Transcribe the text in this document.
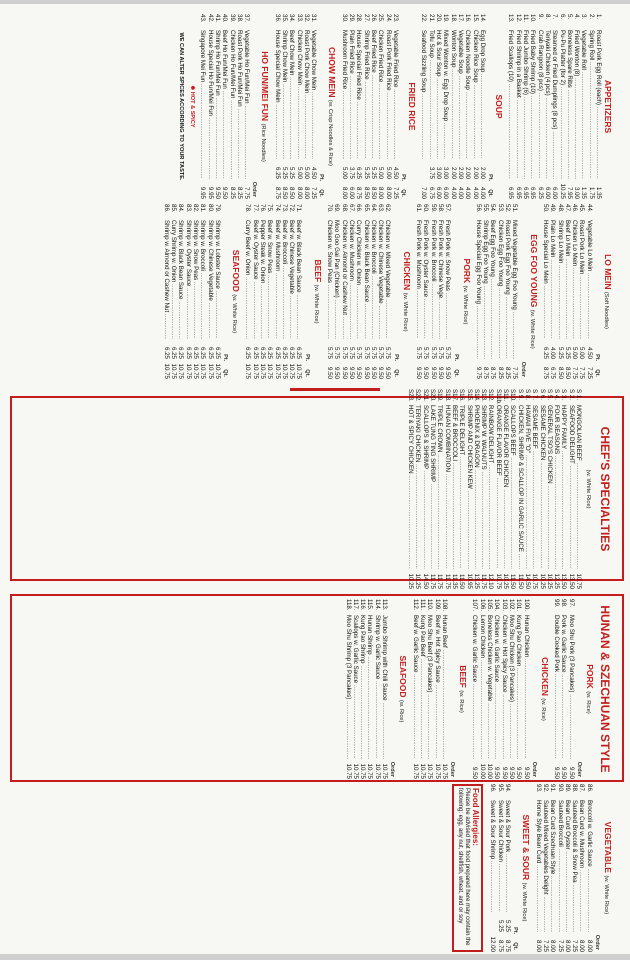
APPETIZERS
1.
Roast Pork Egg Roll (each) .....
1.35
2.
Spring Roll .....
1.75
3.
Vegetable Roll .....
1.35
4.
Fried Wonton (8) .....
3.00
5.
Boneless Spare Ribs .....
7.95
6.
Pu-Pu Platter (for 2) .....
10.25
7.
Steamed or Fried Dumplings (8 pcs) .....
6.00
8.
Teriyaki Chicken (4 pcs) .....
6.00
9.
Crab Rangoon (8 pcs) .....
6.25
10.
Fried Baby Shrimp (10) .....
6.95
11.
Fried Jumbo Shrimp (6) .....
6.95
12.
Fried Shrimp in a Basket .....
6.95
13.
Fried Scallops (10) .....
6.95
SOUP
Pt.
Qt.
14.
Egg Drop Soup .....
2.00
4.00
15.
Chicken Rice Soup .....
2.00
4.00
16.
Chicken Noodle Soup .....
2.00
4.00
17.
Vegetable Soup .....
2.00
4.00
18.
Wonton Soup .....
2.00
4.00
19.
Mixed Wonton w. Egg Drop Soup .....
3.00
6.00
20.
Hot & Sour Soup .....
3.00
6.00
21.
Tofu Soup .....
3.75
6.75
22.
Seafood Sizzling Soup .....
7.00
FRIED RICE
Pt.
Qt.
23.
Vegetable Fried Rice .....
4.50
7.25
24.
Roast Pork Fried Rice .....
5.00
8.00
25.
Chicken Fried Rice .....
5.00
8.00
26.
Beef Fried Rice .....
5.25
8.50
27.
Shrimp Fried Rice .....
5.25
8.50
28.
House Special Fried Rice .....
6.25
8.75
29.
Plain Fried Rice .....
3.75
6.00
30.
Mushroom Fried Rice .....
5.00
8.00
CHOW MEIN (w. Crisp Noodles & Rice)
Pt.
Qt.
31.
Vegetable Chow Mein .....
4.50
7.25
32.
Roast Pork Chow Mein .....
5.00
8.00
33.
Chicken Chow Mein .....
5.00
8.00
34.
Beef Chow Mein .....
5.25
8.50
35.
Shrimp Chow Mein .....
5.25
8.50
36.
House Special Chow Mein .....
6.25
8.75
HO FUN/MEI FUN (Rice Noodles)
Order
37.
Vegetable Ho Fun/Mei Fun .....
7.75
38.
Roast Pork Ho Fun/Mei Fun .....
8.25
39.
Chicken Ho Fun/Mei Fun .....
8.25
40.
Beef Ho Fun/Mei Fun .....
9.50
41.
Shrimp Ho Fun/Mei Fun .....
9.50
42.
House Special Ho Fun/Mei Fun .....
9.95
43.
Singapore Mei Fun .....
9.95
✽ HOT & SPICY
WE CAN ALTER SPICES ACCORDING TO YOUR TASTE.
LO MEIN (Soft Noodles)
Pt.
Qt.
44.
Vegetable Lo Mein .....
4.50
7.25
45.
Roast Pork Lo Mein .....
5.00
7.75
46.
Chicken Lo Mein .....
5.00
7.75
47.
Beef Lo Mein .....
5.25
8.50
48.
Shrimp Lo Mein .....
5.25
8.50
49.
Plain Lo Mein .....
4.00
6.75
50.
House Special Lo Mein .....
6.25
8.75
EGG FOO YOUNG (w. White Rice)
Order
51.
Mixed Vegetable Egg Foo Young .....
7.75
52.
Roast Pork Egg Foo Young .....
8.25
53.
Chicken Egg Foo Young .....
8.25
54.
Beef Egg Foo Young .....
8.75
55.
Shrimp Egg Foo Young .....
8.75
56.
House Special Egg Foo Young .....
9.75
PORK (w. White Rice)
Pt.
Qt.
57.
Fresh Pork w. Snow Peas .....
5.75
9.50
58.
Fresh Pork w. Chinese Vege. .....
5.75
9.50
59.
Fresh Pork w. Broccoli .....
5.75
9.50
60.
Fresh Pork w. Oyster Sauce .....
5.75
9.50
61.
Fresh Pork w. Mushroom .....
5.75
9.50
CHICKEN (w. White Rice)
Pt.
Qt.
62.
Chicken w. Mixed Vegetable .....
5.75
9.50
63.
Chicken w. Chinese Vegetable .....
5.75
9.50
64.
Chicken w. Broccoli .....
5.75
9.50
65.
Chicken w. Black Bean Sauce .....
5.75
9.50
66.
Curry Chicken w. Onion .....
5.75
9.50
67.
Chicken w. Mushroom .....
5.75
9.50
68.
Chicken w. Almond or Cashew Nut .....
5.75
9.50
69.
Moo Goo Gai Pan (Chicken) .....
5.75
9.50
70.
Chicken w. Snow Peas .....
5.75
9.50
BEEF (w. White Rice)
Pt.
Qt.
71.
Beef w. Black Bean Sauce .....
6.25
10.75
72.
Beef w. Chinese Vegetable .....
6.25
10.75
73.
Beef w. Broccoli .....
6.25
10.75
74.
Beef w. Mushroom .....
6.25
10.75
75.
Beef w. Snow Peas .....
6.25
10.75
76.
Pepper Steak w. Onion .....
6.25
10.75
77.
Beef w. Oyster Sauce .....
6.25
10.75
78.
Curry Beef w. Onion .....
6.25
10.75
SEAFOOD (w. White Rice)
Pt.
Qt.
79.
Shrimp w. Lobster Sauce .....
6.25
10.75
80.
Shrimp w. Chinese Vegetable .....
6.25
10.75
81.
Shrimp w. Broccoli .....
6.25
10.75
82.
Shrimp w. Snow Peas .....
6.25
10.75
83.
Shrimp w. Oyster Sauce .....
6.25
10.75
84.
Shrimp w. Black Bean Sauce .....
6.25
10.75
85.
Curry Shrimp w. Onion .....
6.25
10.75
86.
Shrimp w. Almond or Cashew Nut .....
6.25
10.75
CHEF'S SPECIALTIES
(w. White Rice)
S 1.
MONGOLIAN BEEF .....
10.75
S 2.
SEAFOOD DELIGHT .....
13.50
S 3.
HAPPY FAMILY .....
13.50
S 4.
FOUR SEASONS .....
12.25
S 5.
GENERAL TSO'S CHICKEN .....
10.25
S 6.
SESAME CHICKEN .....
10.25
S 7.
SESAME BEEF .....
10.75
S 8.
HAWAII FIVE "O" .....
14.50
S 9.
CHICKEN, SHRIMP & SCALLOP IN GARLIC SAUCE .....
11.50
S10.
SCALLOPS BEEF .....
11.50
S11.
ORANGE FLAVOR CHICKEN .....
10.25
S11b.
ORANGE FLAVOR BEEF .....
10.75
S12.
RAINBOW DELIGHT .....
12.10
S13.
SHRIMP W. WALNUTS .....
11.75
S14.
PHOENIX & DRAGON .....
13.25
S15.
SHRIMP AND CHICKEN KEW .....
10.95
S16.
TRIPLE DELIGHT .....
11.50
S17.
BEEF & BROCCOLI .....
11.35
S18.
HUNAN COMBINATION .....
11.75
S19.
TRIPLE CROWN .....
11.75
S20.
LAKE TUNG TING SHRIMP .....
11.75
S21.
SCALLOPS & SHRIMP .....
14.50
S22.
TERIYAKI CHICKEN .....
10.25
S23.
HOT & SPICY CHICKEN .....
10.25
HUNAN & SZECHUAN STYLE
PORK (w. Rice)
Order
97.
Moo Shu Pork (3 Pancakes) .....
9.50
98.
Pork w. Garlic Sauce .....
9.50
99.
Double Cooked Pork .....
9.50
CHICKEN (w. Rice)
Order
100.
Hunan Chicken .....
9.50
101.
Kung Pao Chicken .....
9.50
102.
Moo Shu Chicken (3 Pancakes) .....
9.50
103.
Chicken w. Hot Spicy Sauce .....
9.50
104.
Chicken w. Garlic Sauce .....
9.50
105.
Boneless Chicken w. Vegetable .....
10.00
106.
Lemon Chicken .....
10.00
107.
Chicken w. Garlic Sauce .....
9.50
BEEF (w. Rice)
Order
108.
Hunan Beef .....
10.75
109.
Beef w. Hot Spicy Sauce .....
10.75
110.
Moo Shu Beef (3 Pancakes) .....
10.75
111.
Kung Pao Beef .....
10.75
112.
Beef w. Garlic Sauce .....
10.75
SEAFOOD (w. Rice)
Order
113.
Jumbo Shrimp with Chili Sauce .....
10.75
114.
Shrimp w. Garlic Sauce .....
10.75
115.
Hunan Shrimp .....
10.75
116.
Kung Pao Shrimp .....
10.75
117.
Scallops w. Garlic Sauce .....
10.75
118.
Moo Shu Shrimp (3 Pancakes) .....
10.75
VEGETABLE (w. White Rice)
Order
86.
Broccoli w. Garlic Sauce .....
8.00
87.
Bean Curd w. Mushroom .....
8.00
88.
Sauteed Broccoli & Snow Pea .....
7.25
89.
Bean Curd Oyster .....
8.00
90.
Sauteed Broccoli .....
7.25
91.
Bean Curd Szechuan Style .....
8.00
92.
Sauteed Mixed Vegetables Delight .....
7.25
93.
Home Style Bean Curd .....
8.00
SWEET & SOUR (w. White Rice)
Pt.
Qt.
94.
Sweet & Sour Pork .....
5.25
8.75
95.
Sweet & Sour Chicken .....
5.25
8.75
96.
Sweet & Sour Shrimp .....
12.00
Food Allergies:
Please be advised that food prepared here may contain the following: egg, any nut, shellfish, wheat, and or soy
